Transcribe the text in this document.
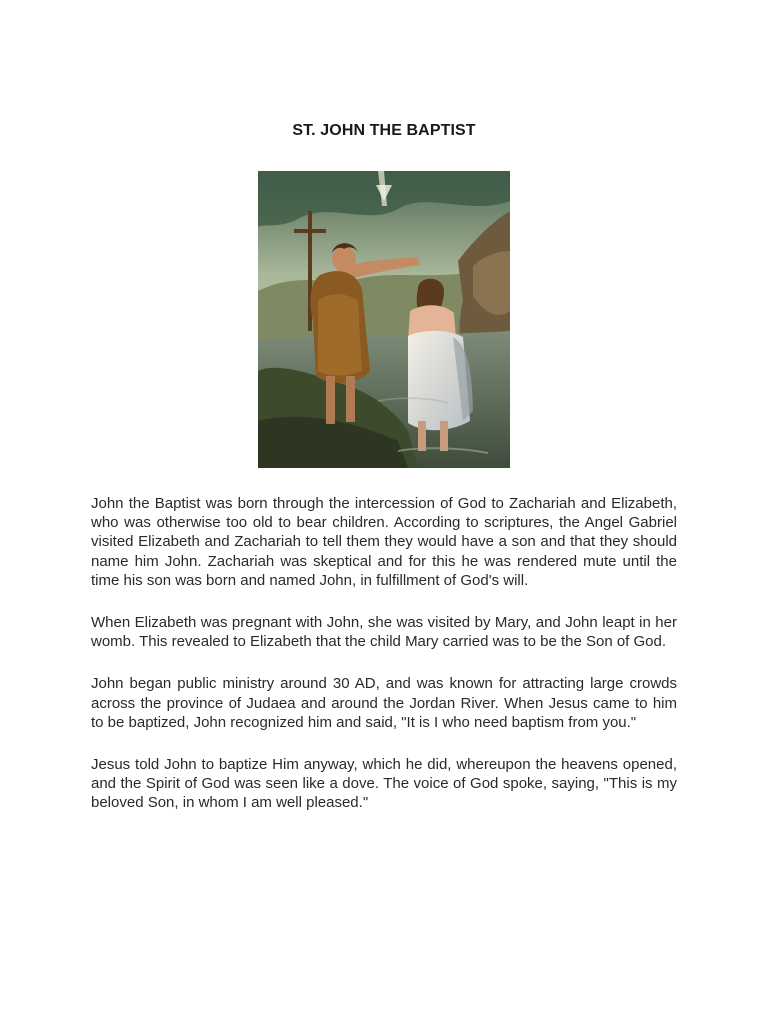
ST. JOHN THE BAPTIST

John the Baptist was born through the intercession of God to Zachariah and Elizabeth, who was otherwise too old to bear children. According to scriptures, the Angel Gabriel visited Elizabeth and Zachariah to tell them they would have a son and that they should name him John. Zachariah was skeptical and for this he was rendered mute until the time his son was born and named John, in fulfillment of God's will.

When Elizabeth was pregnant with John, she was visited by Mary, and John leapt in her womb. This revealed to Elizabeth that the child Mary carried was to be the Son of God.

John began public ministry around 30 AD, and was known for attracting large crowds across the province of Judaea and around the Jordan River. When Jesus came to him to be baptized, John recognized him and said, "It is I who need baptism from you."

Jesus told John to baptize Him anyway, which he did, whereupon the heavens opened, and the Spirit of God was seen like a dove. The voice of God spoke, saying, "This is my beloved Son, in whom I am well pleased."
